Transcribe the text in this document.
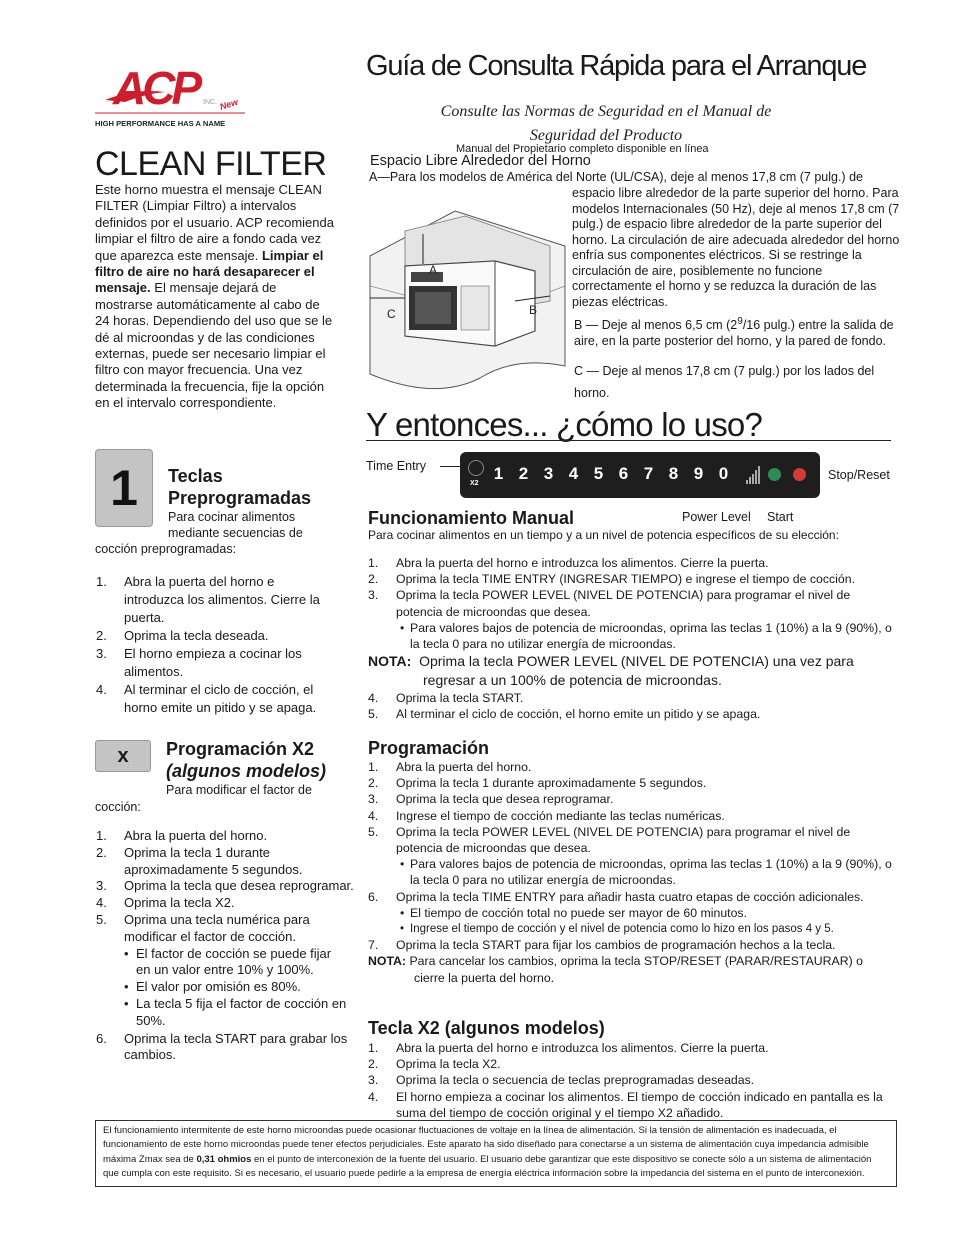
ACP INC. New
HIGH PERFORMANCE HAS A NAME
Guía de Consulta Rápida para el Arranque
Consulte las Normas de Seguridad en el Manual de
Seguridad del Producto
Manual del Propietario completo disponible en línea
CLEAN FILTER
Este horno muestra el mensaje CLEAN FILTER (Limpiar Filtro) a intervalos definidos por el usuario. ACP recomienda limpiar el filtro de aire a fondo cada vez que aparezca este mensaje. Limpiar el filtro de aire no hará desaparecer el mensaje. El mensaje dejará de mostrarse automáticamente al cabo de 24 horas. Dependiendo del uso que se le dé al microondas y de las condiciones externas, puede ser necesario limpiar el filtro con mayor frecuencia. Una vez determinada la frecuencia, fije la opción en el intervalo correspondiente.
Espacio Libre Alrededor del Horno
A—Para los modelos de América del Norte (UL/CSA), deje al menos 17,8 cm (7 pulg.) de
espacio libre alrededor de la parte superior del horno. Para modelos Internacionales (50 Hz), deje al menos 17,8 cm (7 pulg.) de espacio libre alrededor de la parte superior del horno. La circulación de aire adecuada alrededor del horno enfría sus componentes eléctricos. Si se restringe la circulación de aire, posiblemente no funcione correctamente el horno y se reduzca la duración de las piezas eléctricas.
B — Deje al menos 6,5 cm ($2^9/16$ pulg.) entre la salida de aire, en la parte posterior del horno, y la pared de fondo.
C — Deje al menos 17,8 cm (7 pulg.) por los lados del horno.
A
C	B
Y entonces... ¿cómo lo uso?
Time Entry
X2
1 2 3 4 5 6 7 8 9 0	Stop/Reset
Power Level Start
1	Teclas
Preprogramadas
Para cocinar alimentos
mediante secuencias de
cocción preprogramadas:
1. Abra la puerta del horno e introduzca los alimentos. Cierre la puerta.
2. Oprima la tecla deseada.
3. El horno empieza a cocinar los alimentos.
4. Al terminar el ciclo de cocción, el horno emite un pitido y se apaga.
x	Programación X2
(algunos modelos)
Para modificar el factor de
cocción:
1. Abra la puerta del horno.
2. Oprima la tecla 1 durante aproximadamente 5 segundos.
3. Oprima la tecla que desea reprogramar.
4. Oprima la tecla X2.
5. Oprima una tecla numérica para modificar el factor de cocción.
• El factor de cocción se puede fijar en un valor entre 10% y 100%.
• El valor por omisión es 80%.
• La tecla 5 fija el factor de cocción en 50%.
6. Oprima la tecla START para grabar los cambios.
Funcionamiento Manual
Para cocinar alimentos en un tiempo y a un nivel de potencia específicos de su elección:
1. Abra la puerta del horno e introduzca los alimentos. Cierre la puerta.
2. Oprima la tecla TIME ENTRY (INGRESAR TIEMPO) e ingrese el tiempo de cocción.
3. Oprima la tecla POWER LEVEL (NIVEL DE POTENCIA) para programar el nivel de potencia de microondas que desea.
• Para valores bajos de potencia de microondas, oprima las teclas 1 (10%) a la 9 (90%), o la tecla 0 para no utilizar energía de microondas.
NOTA: Oprima la tecla POWER LEVEL (NIVEL DE POTENCIA) una vez para regresar a un 100% de potencia de microondas.
4. Oprima la tecla START.
5. Al terminar el ciclo de cocción, el horno emite un pitido y se apaga.
Programación
1. Abra la puerta del horno.
2. Oprima la tecla 1 durante aproximadamente 5 segundos.
3. Oprima la tecla que desea reprogramar.
4. Ingrese el tiempo de cocción mediante las teclas numéricas.
5. Oprima la tecla POWER LEVEL (NIVEL DE POTENCIA) para programar el nivel de potencia de microondas que desea.
• Para valores bajos de potencia de microondas, oprima las teclas 1 (10%) a la 9 (90%), o la tecla 0 para no utilizar energía de microondas.
6. Oprima la tecla TIME ENTRY para añadir hasta cuatro etapas de cocción adicionales.
• El tiempo de cocción total no puede ser mayor de 60 minutos.
• Ingrese el tiempo de cocción y el nivel de potencia como lo hizo en los pasos 4 y 5.
7. Oprima la tecla START para fijar los cambios de programación hechos a la tecla.
NOTA: Para cancelar los cambios, oprima la tecla STOP/RESET (PARAR/RESTAURAR) o cierre la puerta del horno.
Tecla X2 (algunos modelos)
1. Abra la puerta del horno e introduzca los alimentos. Cierre la puerta.
2. Oprima la tecla X2.
3. Oprima la tecla o secuencia de teclas preprogramadas deseadas.
4. El horno empieza a cocinar los alimentos. El tiempo de cocción indicado en pantalla es la suma del tiempo de cocción original y el tiempo X2 añadido.
El funcionamiento intermitente de este horno microondas puede ocasionar fluctuaciones de voltaje en la línea de alimentación. Si la tensión de alimentación es inadecuada, el funcionamiento de este horno microondas puede tener efectos perjudiciales. Este aparato ha sido diseñado para conectarse a un sistema de alimentación cuya impedancia admisible máxima Zmax sea de 0,31 ohmios en el punto de interconexión de la fuente del usuario. El usuario debe garantizar que este dispositivo se conecte sólo a un sistema de alimentación que cumpla con este requisito. Si es necesario, el usuario puede pedirle a la empresa de energía eléctrica información sobre la impedancia del sistema en el punto de interconexión.
